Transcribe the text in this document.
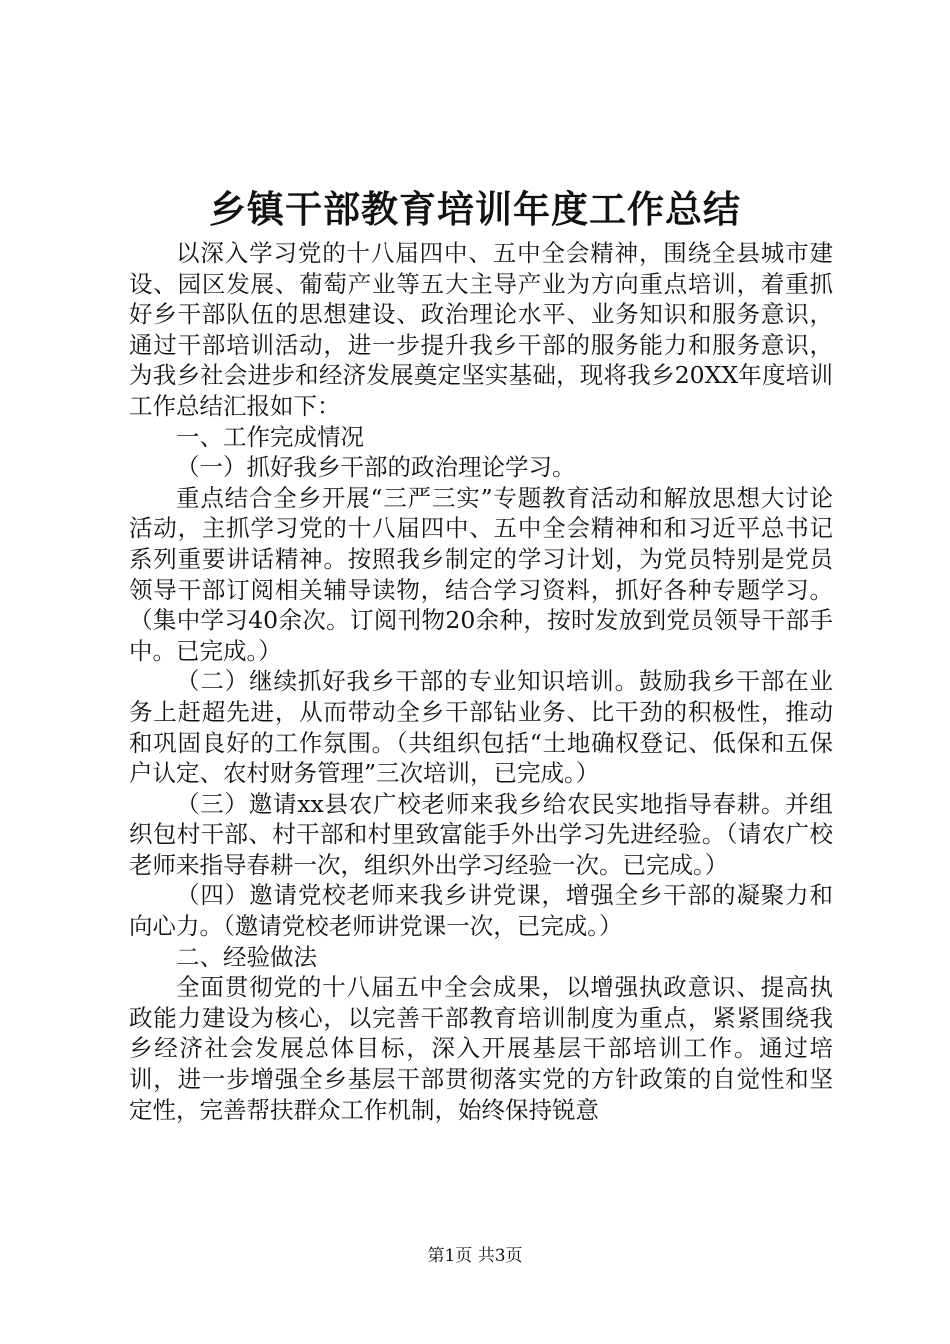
乡镇干部教育培训年度工作总结

以深入学习党的十八届四中、五中全会精神，围绕全县城市建设、园区发展、葡萄产业等五大主导产业为方向重点培训，着重抓好乡干部队伍的思想建设、政治理论水平、业务知识和服务意识，通过干部培训活动，进一步提升我乡干部的服务能力和服务意识，为我乡社会进步和经济发展奠定坚实基础，现将我乡20XX年度培训工作总结汇报如下：

一、工作完成情况

（一）抓好我乡干部的政治理论学习。

重点结合全乡开展“三严三实”专题教育活动和解放思想大讨论活动，主抓学习党的十八届四中、五中全会精神和和习近平总书记系列重要讲话精神。按照我乡制定的学习计划，为党员特别是党员领导干部订阅相关辅导读物，结合学习资料，抓好各种专题学习。（集中学习40余次。订阅刊物20余种，按时发放到党员领导干部手中。已完成。）

（二）继续抓好我乡干部的专业知识培训。鼓励我乡干部在业务上赶超先进，从而带动全乡干部钻业务、比干劲的积极性，推动和巩固良好的工作氛围。（共组织包括“土地确权登记、低保和五保户认定、农村财务管理”三次培训，已完成。）

（三）邀请xx县农广校老师来我乡给农民实地指导春耕。并组织包村干部、村干部和村里致富能手外出学习先进经验。（请农广校老师来指导春耕一次，组织外出学习经验一次。已完成。）

（四）邀请党校老师来我乡讲党课，增强全乡干部的凝聚力和向心力。（邀请党校老师讲党课一次，已完成。）

二、经验做法

全面贯彻党的十八届五中全会成果，以增强执政意识、提高执政能力建设为核心，以完善干部教育培训制度为重点，紧紧围绕我乡经济社会发展总体目标，深入开展基层干部培训工作。通过培训，进一步增强全乡基层干部贯彻落实党的方针政策的自觉性和坚定性，完善帮扶群众工作机制，始终保持锐意

第1页 共3页
